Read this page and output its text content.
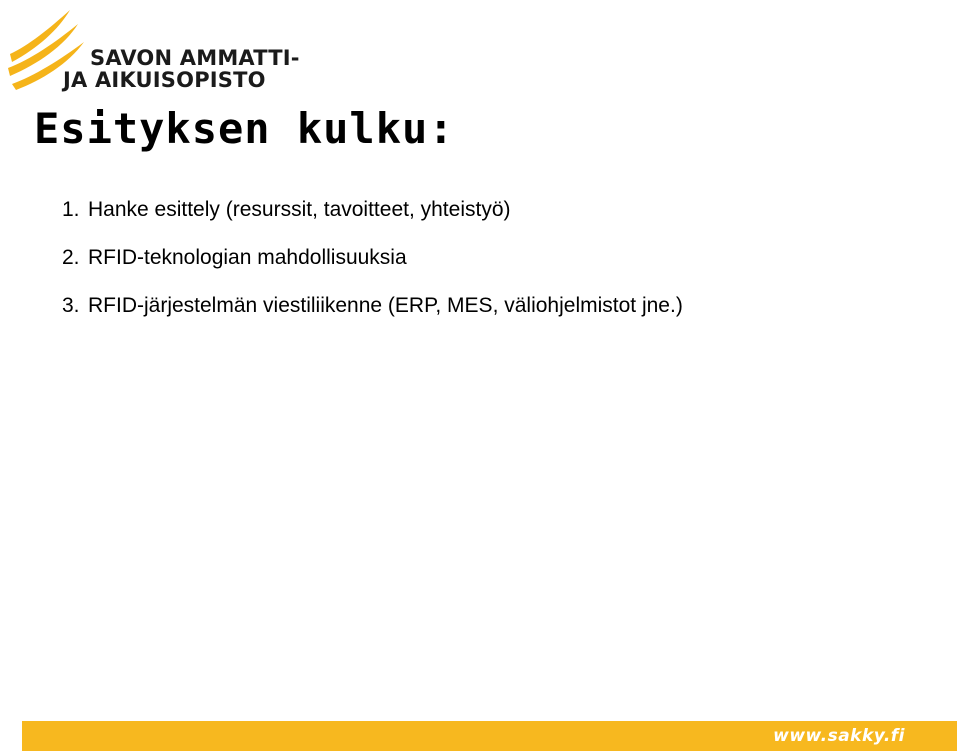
SAVON AMMATTI-
JA AIKUISOPISTO
Esityksen kulku:
1. Hanke esittely (resurssit, tavoitteet, yhteistyö)
2. RFID-teknologian mahdollisuuksia
3. RFID-järjestelmän viestiliikenne (ERP, MES, väliohjelmistot jne.)
www.sakky.fi
